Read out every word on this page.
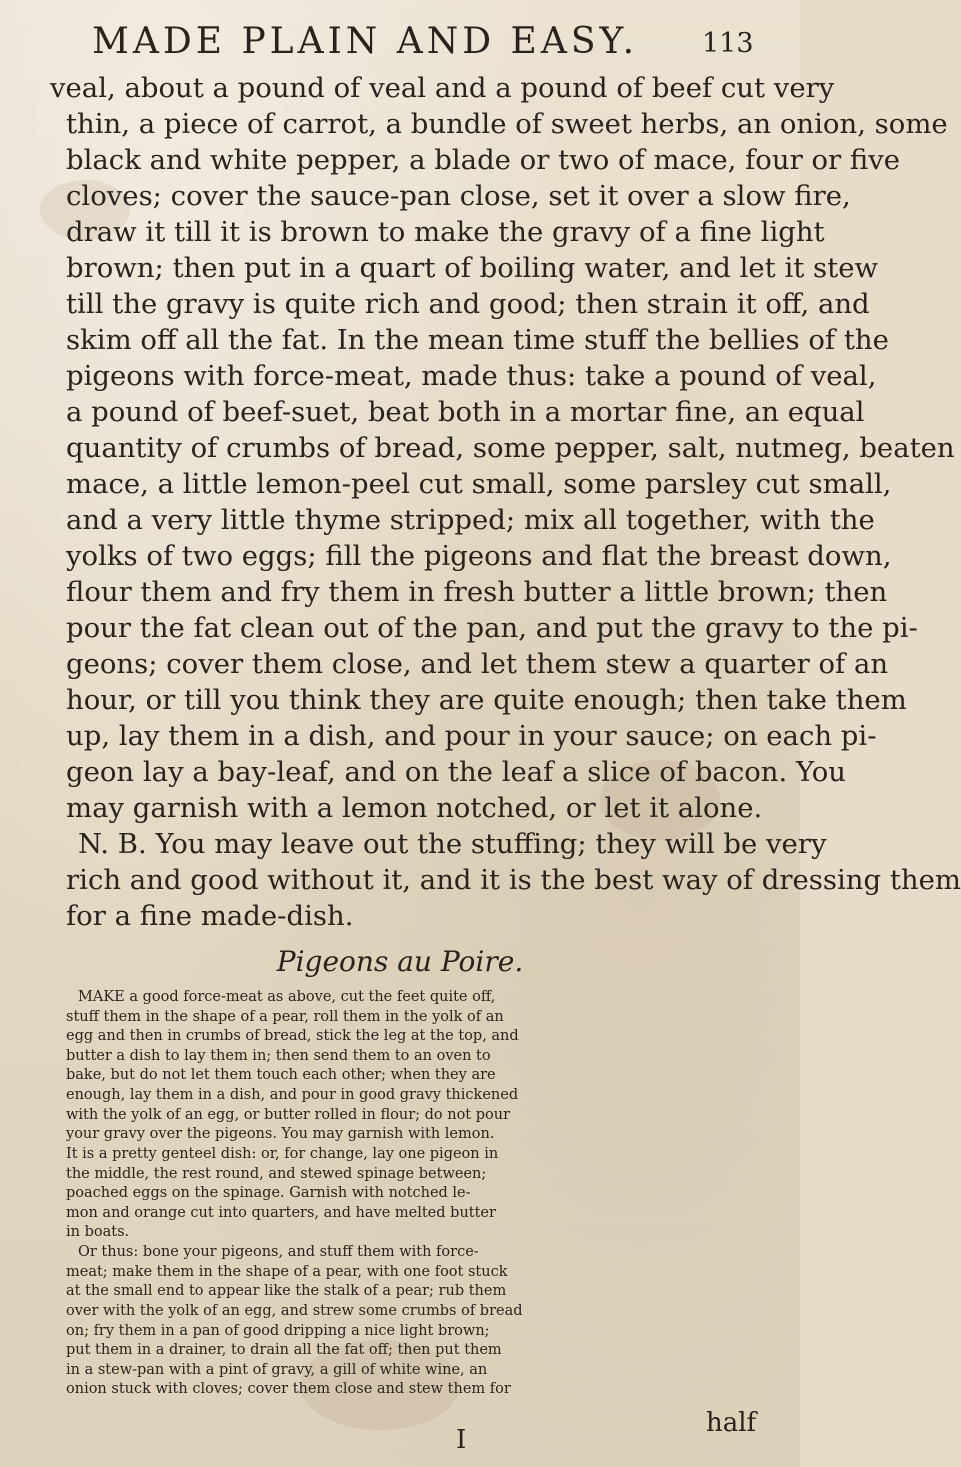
MADE PLAIN AND EASY. 113
veal, about a pound of veal and a pound of beef cut very
thin, a piece of carrot, a bundle of sweet herbs, an onion, some
black and white pepper, a blade or two of mace, four or five
cloves; cover the sauce-pan close, set it over a slow fire,
draw it till it is brown to make the gravy of a fine light
brown; then put in a quart of boiling water, and let it stew
till the gravy is quite rich and good; then strain it off, and
skim off all the fat. In the mean time stuff the bellies of the
pigeons with force-meat, made thus: take a pound of veal,
a pound of beef-suet, beat both in a mortar fine, an equal
quantity of crumbs of bread, some pepper, salt, nutmeg, beaten
mace, a little lemon-peel cut small, some parsley cut small,
and a very little thyme stripped; mix all together, with the
yolks of two eggs; fill the pigeons and flat the breast down,
flour them and fry them in fresh butter a little brown; then
pour the fat clean out of the pan, and put the gravy to the pi-
geons; cover them close, and let them stew a quarter of an
hour, or till you think they are quite enough; then take them
up, lay them in a dish, and pour in your sauce; on each pi-
geon lay a bay-leaf, and on the leaf a slice of bacon. You
may garnish with a lemon notched, or let it alone.
N. B. You may leave out the stuffing; they will be very
rich and good without it, and it is the best way of dressing them
for a fine made-dish.
Pigeons au Poire.
MAKE a good force-meat as above, cut the feet quite off,
stuff them in the shape of a pear, roll them in the yolk of an
egg and then in crumbs of bread, stick the leg at the top, and
butter a dish to lay them in; then send them to an oven to
bake, but do not let them touch each other; when they are
enough, lay them in a dish, and pour in good gravy thickened
with the yolk of an egg, or butter rolled in flour; do not pour
your gravy over the pigeons. You may garnish with lemon.
It is a pretty genteel dish: or, for change, lay one pigeon in
the middle, the rest round, and stewed spinage between;
poached eggs on the spinage. Garnish with notched le-
mon and orange cut into quarters, and have melted butter
in boats.
Or thus: bone your pigeons, and stuff them with force-
meat; make them in the shape of a pear, with one foot stuck
at the small end to appear like the stalk of a pear; rub them
over with the yolk of an egg, and strew some crumbs of bread
on; fry them in a pan of good dripping a nice light brown;
put them in a drainer, to drain all the fat off; then put them
in a stew-pan with a pint of gravy, a gill of white wine, an
onion stuck with cloves; cover them close and stew them for
I
half
